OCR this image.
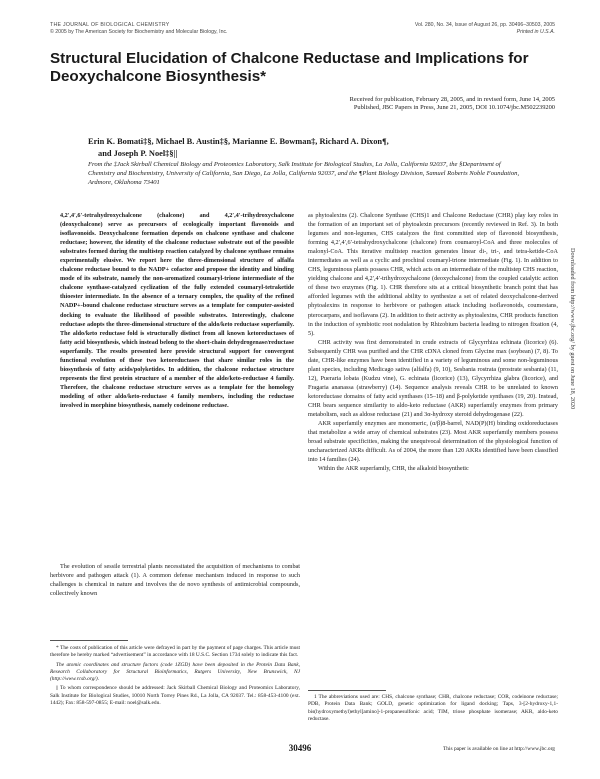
THE JOURNAL OF BIOLOGICAL CHEMISTRY
© 2005 by The American Society for Biochemistry and Molecular Biology, Inc.
Vol. 280, No. 34, Issue of August 26, pp. 30496–30503, 2005
Printed in U.S.A.
Structural Elucidation of Chalcone Reductase and Implications for Deoxychalcone Biosynthesis*
Received for publication, February 28, 2005, and in revised form, June 14, 2005
Published, JBC Papers in Press, June 21, 2005, DOI 10.1074/jbc.M502239200
Erin K. Bomati‡§, Michael B. Austin‡§, Marianne E. Bowman‡, Richard A. Dixon¶,
and Joseph P. Noel‡§||
From the ‡Jack Skirball Chemical Biology and Proteomics Laboratory, Salk Institute for Biological Studies, La Jolla, California 92037, the §Department of Chemistry and Biochemistry, University of California, San Diego, La Jolla, California 92037, and the ¶Plant Biology Division, Samuel Roberts Noble Foundation, Ardmore, Oklahoma 73401
4,2′,4′,6′-tetrahydroxychalcone (chalcone) and 4,2′,4′-trihydroxychalcone (deoxychalcone) serve as precursors of ecologically important flavonoids and isoflavonoids. Deoxychalcone formation depends on chalcone synthase and chalcone reductase; however, the identity of the chalcone reductase substrate out of the possible substrates formed during the multistep reaction catalyzed by chalcone synthase remains experimentally elusive. We report here the three-dimensional structure of alfalfa chalcone reductase bound to the NADP+ cofactor and propose the identity and binding mode of its substrate, namely the non-aromatized coumaryl-trione intermediate of the chalcone synthase-catalyzed cyclization of the fully extended coumaryl-tetraketide thioester intermediate. In the absence of a ternary complex, the quality of the refined NADP+-bound chalcone reductase structure serves as a template for computer-assisted docking to evaluate the likelihood of possible substrates. Interestingly, chalcone reductase adopts the three-dimensional structure of the aldo/keto reductase superfamily. The aldo/keto reductase fold is structurally distinct from all known ketoreductases of fatty acid biosynthesis, which instead belong to the short-chain dehydrogenase/reductase superfamily. The results presented here provide structural support for convergent functional evolution of these two ketoreductases that share similar roles in the biosynthesis of fatty acids/polyketides. In addition, the chalcone reductase structure represents the first protein structure of a member of the aldo/keto-reductase 4 family. Therefore, the chalcone reductase structure serves as a template for the homology modeling of other aldo/keto-reductase 4 family members, including the reductase involved in morphine biosynthesis, namely codeinone reductase.
The evolution of sessile terrestrial plants necessitated the acquisition of mechanisms to combat herbivore and pathogen attack (1). A common defense mechanism induced in response to such challenges is chemical in nature and involves the de novo synthesis of antimicrobial compounds, collectively known

* The costs of publication of this article were defrayed in part by the payment of page charges. This article must therefore be hereby marked “advertisement” in accordance with 18 U.S.C. Section 1734 solely to indicate this fact.

The atomic coordinates and structure factors (code 1ZGD) have been deposited in the Protein Data Bank, Research Collaboratory for Structural Bioinformatics, Rutgers University, New Brunswick, NJ (http://www.rcsb.org/).

|| To whom correspondence should be addressed: Jack Skirball Chemical Biology and Proteomics Laboratory, Salk Institute for Biological Studies, 10010 North Torrey Pines Rd., La Jolla, CA 92037. Tel.: 858-453-4100 (ext. 1442); Fax: 858-597-0855; E-mail: noel@salk.edu.

as phytoalexins (2). Chalcone Synthase (CHS)1 and Chalcone Reductase (CHR) play key roles in the formation of an important set of phytoalexin precursors (recently reviewed in Ref. 3). In both legumes and non-legumes, CHS catalyzes the first committed step of flavonoid biosynthesis, forming 4,2′,4′,6′-tetrahydroxychalcone (chalcone) from coumaroyl-CoA and three molecules of malonyl-CoA. This iterative multistep reaction generates linear di-, tri-, and tetra-ketide-CoA intermediates as well as a cyclic and prochiral coumaryl-trione intermediate (Fig. 1). In addition to CHS, leguminous plants possess CHR, which acts on an intermediate of the multistep CHS reaction, yielding chalcone and 4,2′,4′-trihydroxychalcone (deoxychalcone) from the coupled catalytic action of these two enzymes (Fig. 1). CHR therefore sits at a critical biosynthetic branch point that has afforded legumes with the additional ability to synthesize a set of related deoxychalcone-derived phytoalexins in response to herbivore or pathogen attack including isoflavonoids, coumestans, pterocarpans, and isoflavans (2). In addition to their activity as phytoalexins, CHR products function in the induction of symbiotic root nodulation by Rhizobium bacteria leading to nitrogen fixation (4, 5).

CHR activity was first demonstrated in crude extracts of Glycyrrhiza echinata (licorice) (6). Subsequently CHR was purified and the CHR cDNA cloned from Glycine max (soybean) (7, 8). To date, CHR-like enzymes have been identified in a variety of leguminous and some non-leguminous plant species, including Medicago sativa (alfalfa) (9, 10), Sesbania rostrata (prostrate sesbania) (11, 12), Pueraria lobata (Kudzu vine), G. echinata (licorice) (13), Glycyrrhiza glabra (licorice), and Fragaria ananassa (strawberry) (14). Sequence analysis reveals CHR to be unrelated to known ketoreductase domains of fatty acid synthases (15–18) and β-polyketide synthases (19, 20). Instead, CHR bears sequence similarity to aldo-keto reductase (AKR) superfamily enzymes from primary metabolism, such as aldose reductase (21) and 3α-hydroxy steroid dehydrogenase (22).

AKR superfamily enzymes are monomeric, (α/β)8-barrel, NAD(P)(H) binding oxidoreductases that metabolize a wide array of chemical substrates (23). Most AKR superfamily members possess broad substrate specificities, making the unequivocal determination of the physiological function of uncharacterized AKRs difficult. As of 2004, the more than 120 AKRs identified have been classified into 14 families (24).

Within the AKR superfamily, CHR, the alkaloid biosynthetic

1 The abbreviations used are: CHS, chalcone synthase; CHR, chalcone reductase; COR, codeinone reductase; PDB, Protein Data Bank; GOLD, genetic optimization for ligand docking; Taps, 3-[2-hydroxy-1,1-bis(hydroxymethyl)ethyl]amino]-1-propanesulfonic acid; TIM, triose phosphate isomerase; AKR, aldo-keto reductase.
30496	This paper is available on line at http://www.jbc.org
Downloaded from http://www.jbc.org/ by guest on June 18, 2020
